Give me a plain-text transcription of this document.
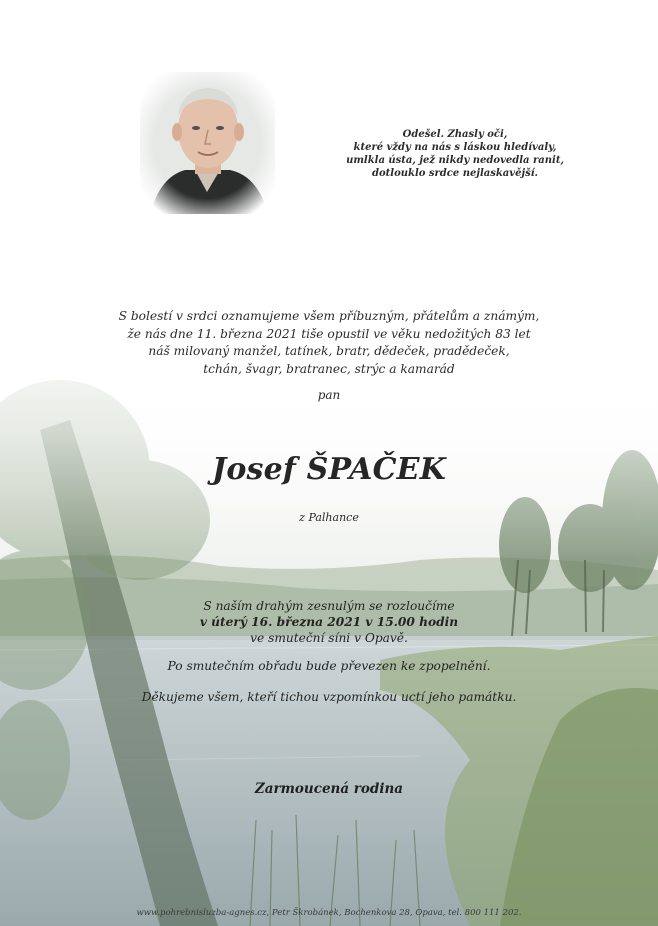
Odešel. Zhasly oči,
které vždy na nás s láskou hledívaly,
umlkla ústa, jež nikdy nedovedla ranit,
dotlouklo srdce nejlaskavější.
S bolestí v srdci oznamujeme všem příbuzným, přátelům a známým,
že nás dne 11. března 2021 tiše opustil ve věku nedožitých 83 let
náš milovaný manžel, tatínek, bratr, dědeček, pradědeček,
tchán, švagr, bratranec, strýc a kamarád
pan
Josef ŠPAČEK
z Palhance
S naším drahým zesnulým se rozloučíme
v úterý 16. března 2021 v 15.00 hodin
ve smuteční síni v Opavě.
Po smutečním obřadu bude převezen ke zpopelnění.
Děkujeme všem, kteří tichou vzpomínkou uctí jeho památku.
Zarmoucená rodina
www.pohrebnisluzba-agnes.cz, Petr Škrobánek, Bochenkova 28, Opava, tel. 800 111 202.
